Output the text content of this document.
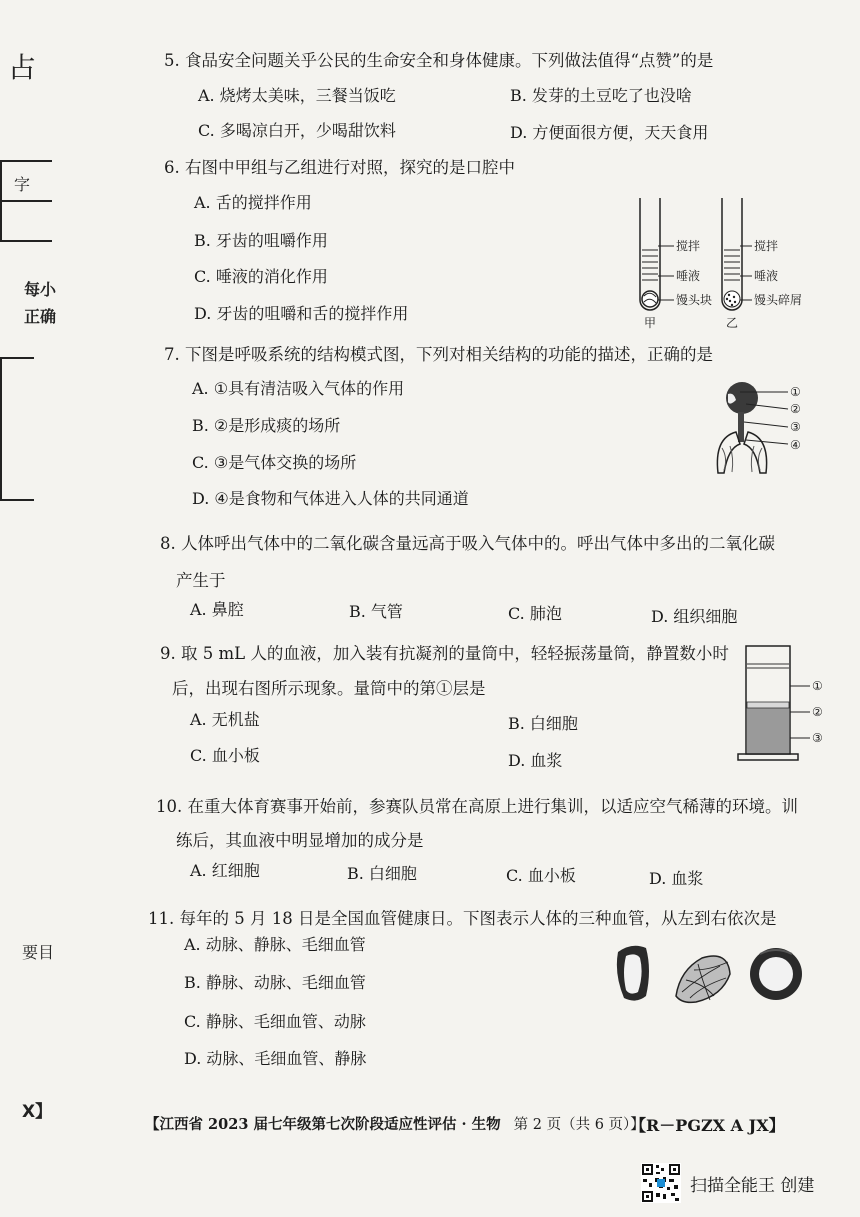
占
字
每小
正确
要目
X】
5. 食品安全问题关乎公民的生命安全和身体健康。下列做法值得“点赞”的是
A. 烧烤太美味，三餐当饭吃	B. 发芽的土豆吃了也没啥
C. 多喝凉白开，少喝甜饮料	D. 方便面很方便，天天食用
6. 右图中甲组与乙组进行对照，探究的是口腔中
A. 舌的搅拌作用
B. 牙齿的咀嚼作用
C. 唾液的消化作用
D. 牙齿的咀嚼和舌的搅拌作用
搅拌
唾液
馒头块
甲
搅拌
唾液
馒头碎屑
乙
7. 下图是呼吸系统的结构模式图，下列对相关结构的功能的描述，正确的是
A. ①具有清洁吸入气体的作用
B. ②是形成痰的场所
C. ③是气体交换的场所
D. ④是食物和气体进入人体的共同通道
①
②
③
④
8. 人体呼出气体中的二氧化碳含量远高于吸入气体中的。呼出气体中多出的二氧化碳
产生于
A. 鼻腔	B. 气管	C. 肺泡	D. 组织细胞
9. 取 5 mL 人的血液，加入装有抗凝剂的量筒中，轻轻振荡量筒，静置数小时
后，出现右图所示现象。量筒中的第①层是
A. 无机盐	B. 白细胞
C. 血小板	D. 血浆
①
②
③
10. 在重大体育赛事开始前，参赛队员常在高原上进行集训，以适应空气稀薄的环境。训
练后，其血液中明显增加的成分是
A. 红细胞	B. 白细胞	C. 血小板	D. 血浆
11. 每年的 5 月 18 日是全国血管健康日。下图表示人体的三种血管，从左到右依次是
A. 动脉、静脉、毛细血管
B. 静脉、动脉、毛细血管
C. 静脉、毛细血管、动脉
D. 动脉、毛细血管、静脉
【江西省 2023 届七年级第七次阶段适应性评估 · 生物 第 2 页（共 6 页）】
【R－PGZX A JX】
扫描全能王 创建
